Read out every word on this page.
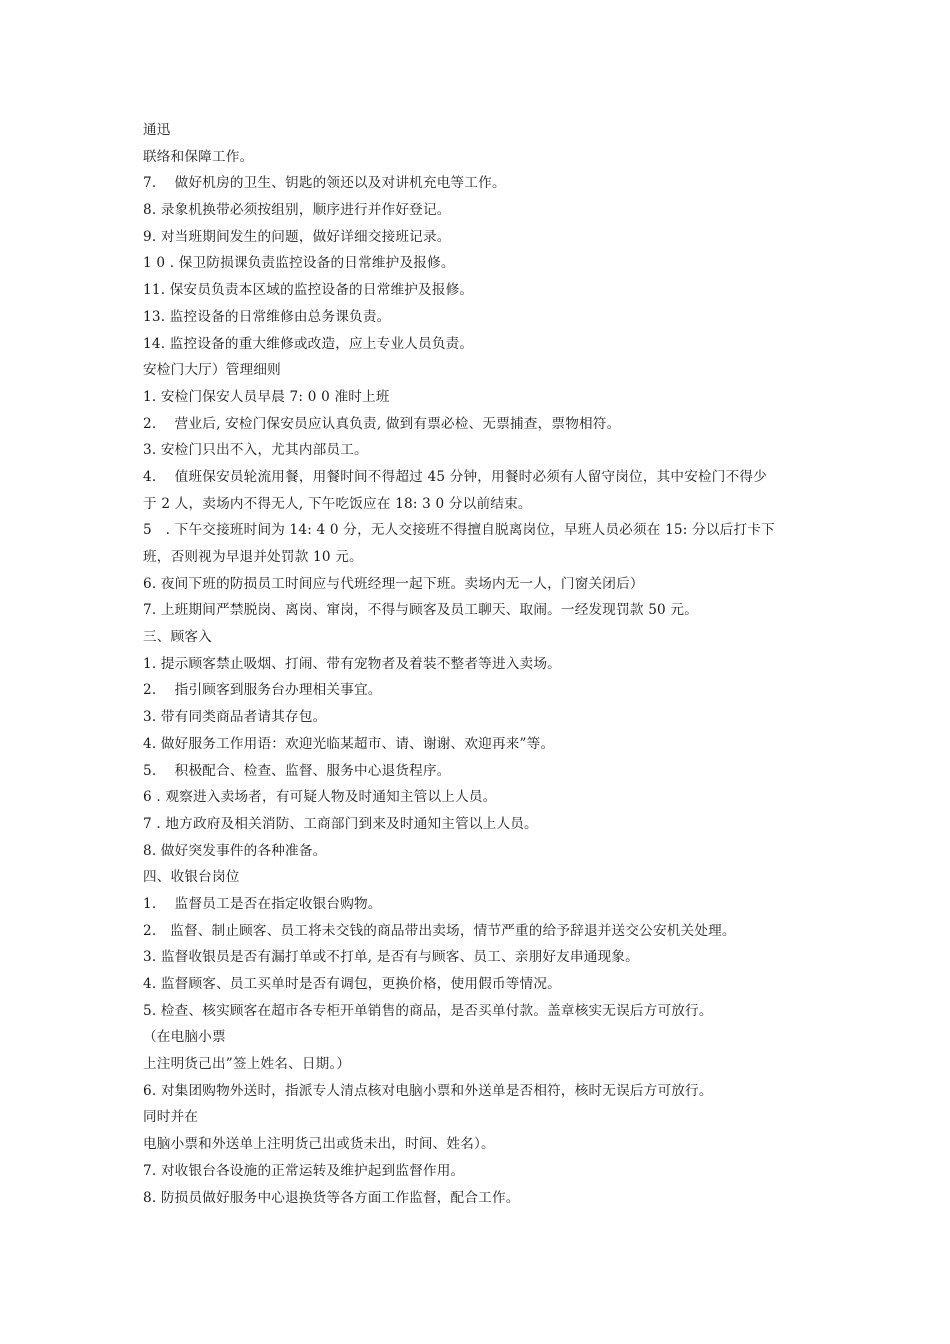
通迅
联络和保障工作。
7.　 做好机房的卫生、钥匙的领还以及对讲机充电等工作。
8. 录象机换带必须按组别，顺序进行并作好登记。
9. 对当班期间发生的问题，做好详细交接班记录。
1 0 . 保卫防损课负责监控设备的日常维护及报修。
11. 保安员负责本区域的监控设备的日常维护及报修。
13. 监控设备的日常维修由总务课负责。
14. 监控设备的重大维修或改造，应上专业人员负责。
安检门大厅）管理细则
1. 安检门保安人员早晨 7: 0 0 准时上班
2.　 营业后, 安检门保安员应认真负责, 做到有票必检、无票捕查，票物相符。
3. 安检门只出不入，尤其内部员工。
4.　 值班保安员轮流用餐，用餐时间不得超过 45 分钟，用餐时必须有人留守岗位，其中安检门不得少
于 2 人，卖场内不得无人, 下午吃饭应在 18: 3 0 分以前结束。
5　. 下午交接班时间为 14: 4 0 分，无人交接班不得擅自脱离岗位，早班人员必须在 15: 分以后打卡下
班，否则视为早退并处罚款 10 元。
6. 夜间下班的防损员工时间应与代班经理一起下班。卖场内无一人，门窗关闭后）
7. 上班期间严禁脱岗、离岗、窜岗，不得与顾客及员工聊天、取闹。一经发现罚款 50 元。
三、顾客入
1. 提示顾客禁止吸烟、打闹、带有宠物者及着装不整者等进入卖场。
2.　 指引顾客到服务台办理相关事宜。
3. 带有同类商品者请其存包。
4. 做好服务工作用语：欢迎光临某超市、请、谢谢、欢迎再来”等。
5.　 积极配合、检查、监督、服务中心退货程序。
6 . 观察进入卖场者，有可疑人物及时通知主管以上人员。
7 . 地方政府及相关消防、工商部门到来及时通知主管以上人员。
8. 做好突发事件的各种准备。
四、收银台岗位
1.　 监督员工是否在指定收银台购物。
2.　监督、制止顾客、员工将未交钱的商品带出卖场，情节严重的给予辞退并送交公安机关处理。
3. 监督收银员是否有漏打单或不打单, 是否有与顾客、员工、亲朋好友串通现象。
4. 监督顾客、员工买单时是否有调包，更换价格，使用假币等情况。
5. 检查、核实顾客在超市各专柜开单销售的商品，是否买单付款。盖章核实无误后方可放行。
（在电脑小票
上注明货己出”签上姓名、日期。）
6. 对集团购物外送时，指派专人清点核对电脑小票和外送单是否相符，核时无误后方可放行。
同时并在
电脑小票和外送单上注明货己出或货未出，时间、姓名）。
7. 对收银台各设施的正常运转及维护起到监督作用。
8. 防损员做好服务中心退换货等各方面工作监督，配合工作。
